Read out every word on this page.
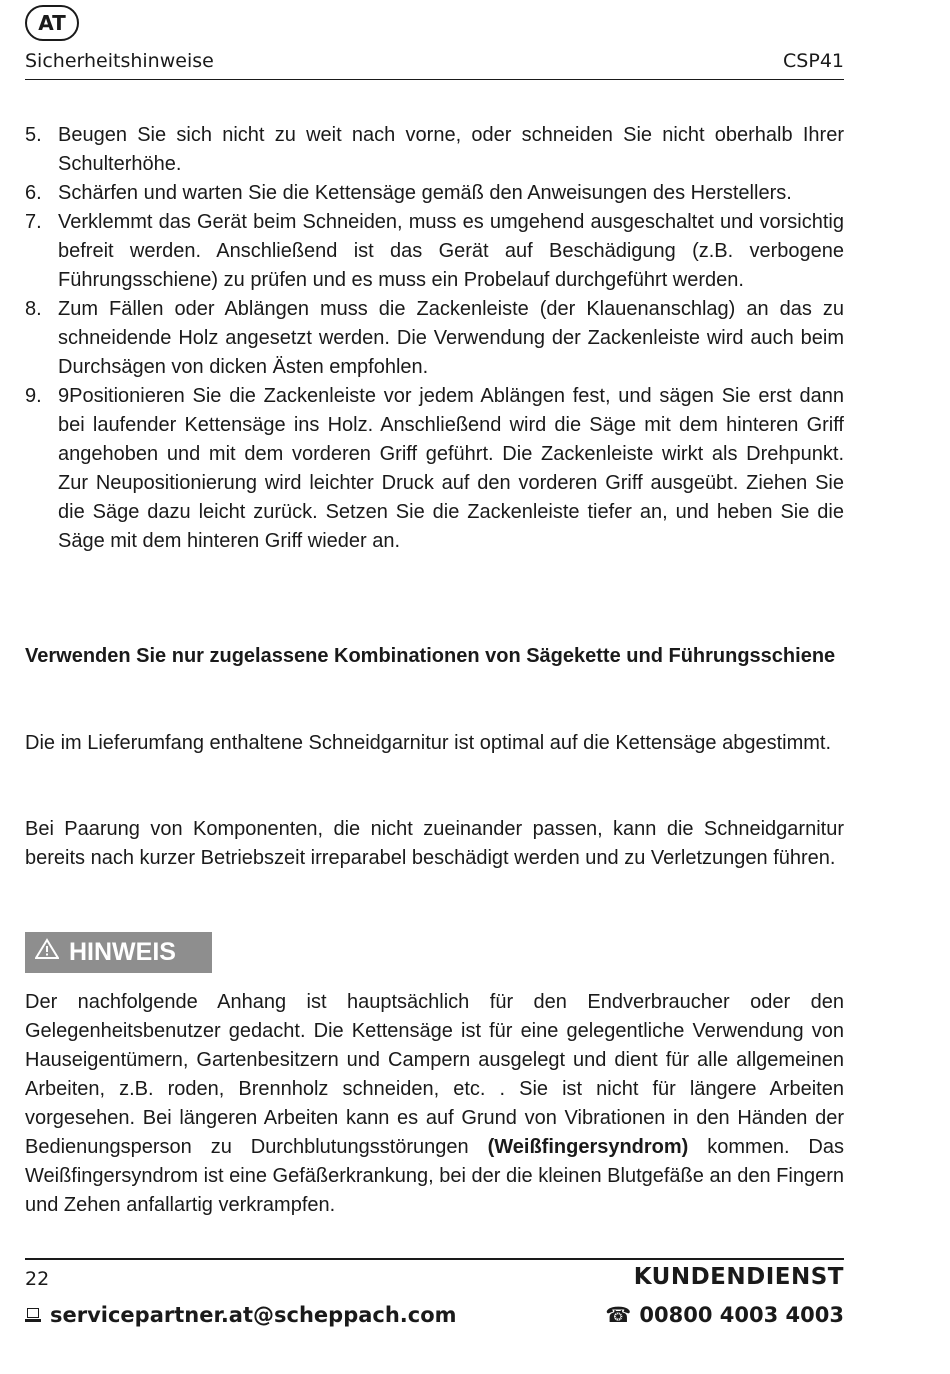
AT
Sicherheitshinweise	CSP41
5. Beugen Sie sich nicht zu weit nach vorne, oder schneiden Sie nicht oberhalb Ihrer Schulterhöhe.
6. Schärfen und warten Sie die Kettensäge gemäß den Anweisungen des Herstellers.
7. Verklemmt das Gerät beim Schneiden, muss es umgehend ausgeschaltet und vorsichtig befreit werden. Anschließend ist das Gerät auf Beschädigung (z.B. verbogene Führungsschiene) zu prüfen und es muss ein Probelauf durchgeführt werden.
8. Zum Fällen oder Ablängen muss die Zackenleiste (der Klauenanschlag) an das zu schneidende Holz angesetzt werden. Die Verwendung der Zackenleiste wird auch beim Durchsägen von dicken Ästen empfohlen.
9. 9Positionieren Sie die Zackenleiste vor jedem Ablängen fest, und sägen Sie erst dann bei laufender Kettensäge ins Holz. Anschließend wird die Säge mit dem hinteren Griff angehoben und mit dem vorderen Griff geführt. Die Zackenleiste wirkt als Drehpunkt. Zur Neupositionierung wird leichter Druck auf den vorderen Griff ausgeübt. Ziehen Sie die Säge dazu leicht zurück. Setzen Sie die Zackenleiste tiefer an, und heben Sie die Säge mit dem hinteren Griff wieder an.
Verwenden Sie nur zugelassene Kombinationen von Sägekette und Führungsschiene
Die im Lieferumfang enthaltene Schneidgarnitur ist optimal auf die Kettensäge abgestimmt.
Bei Paarung von Komponenten, die nicht zueinander passen, kann die Schneidgarnitur bereits nach kurzer Betriebszeit irreparabel beschädigt werden und zu Verletzungen führen.
Der nachfolgende Anhang ist hauptsächlich für den Endverbraucher oder den Gelegenheitsbenutzer gedacht. Die Kettensäge ist für eine gelegentliche Verwendung von Hauseigentümern, Gartenbesitzern und Campern ausgelegt und dient für alle allgemeinen Arbeiten, z.B. roden, Brennholz schneiden, etc. . Sie ist nicht für längere Arbeiten vorgesehen. Bei längeren Arbeiten kann es auf Grund von Vibrationen in den Händen der Bedienungsperson zu Durchblutungsstörungen (Weißfingersyndrom) kommen. Das Weißfingersyndrom ist eine Gefäßerkrankung, bei der die kleinen Blutgefäße an den Fingern und Zehen anfallartig verkrampfen.
HINWEIS
22	KUNDENDIENST
servicepartner.at@scheppach.com	☎ 00800 4003 4003
